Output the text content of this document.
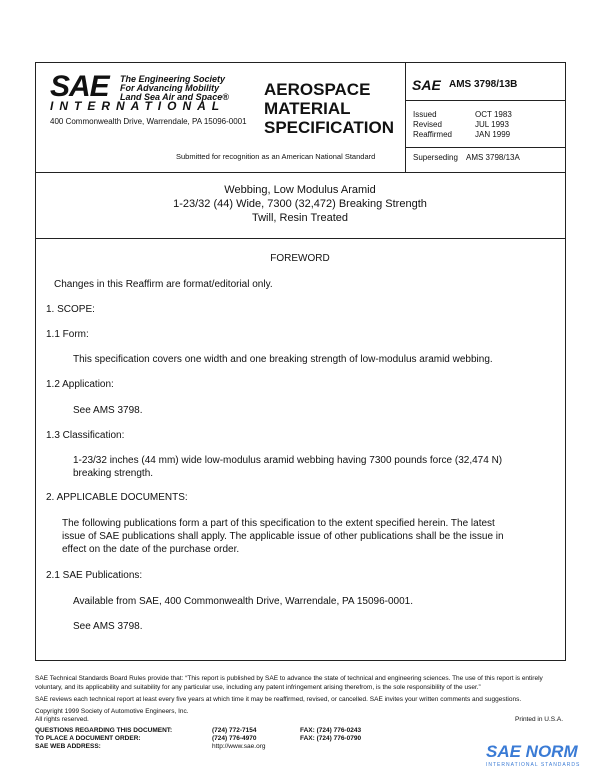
SAE The Engineering Society
For Advancing Mobility
Land Sea Air and Space®
INTERNATIONAL
400 Commonwealth Drive, Warrendale, PA 15096-0001
AEROSPACE
MATERIAL
SPECIFICATION
Submitted for recognition as an American National Standard
SAE AMS 3798/13B
Issued	OCT 1983
Revised	JUL 1993
Reaffirmed	JAN 1999
Superseding AMS 3798/13A
Webbing, Low Modulus Aramid
1-23/32 (44) Wide, 7300 (32,472) Breaking Strength
Twill, Resin Treated
FOREWORD
Changes in this Reaffirm are format/editorial only.
1. SCOPE:
1.1 Form:
This specification covers one width and one breaking strength of low-modulus aramid webbing.
1.2 Application:
See AMS 3798.
1.3 Classification:
1-23/32 inches (44 mm) wide low-modulus aramid webbing having 7300 pounds force (32,474 N)
breaking strength.
2. APPLICABLE DOCUMENTS:
The following publications form a part of this specification to the extent specified herein. The latest
issue of SAE publications shall apply. The applicable issue of other publications shall be the issue in
effect on the date of the purchase order.
2.1 SAE Publications:
Available from SAE, 400 Commonwealth Drive, Warrendale, PA 15096-0001.
See AMS 3798.
SAE Technical Standards Board Rules provide that: “This report is published by SAE to advance the state of technical and engineering sciences. The use of this report is entirely
voluntary, and its applicability and suitability for any particular use, including any patent infringement arising therefrom, is the sole responsibility of the user.”
SAE reviews each technical report at least every five years at which time it may be reaffirmed, revised, or cancelled. SAE invites your written comments and suggestions.
Copyright 1999 Society of Automotive Engineers, Inc.
All rights reserved.	Printed in U.S.A.
QUESTIONS REGARDING THIS DOCUMENT:	(724) 772-7154	FAX: (724) 776-0243
TO PLACE A DOCUMENT ORDER:	(724) 776-4970	FAX: (724) 776-0790
SAE WEB ADDRESS:	http://www.sae.org	SAE NORM
INTERNATIONAL STANDARDS
